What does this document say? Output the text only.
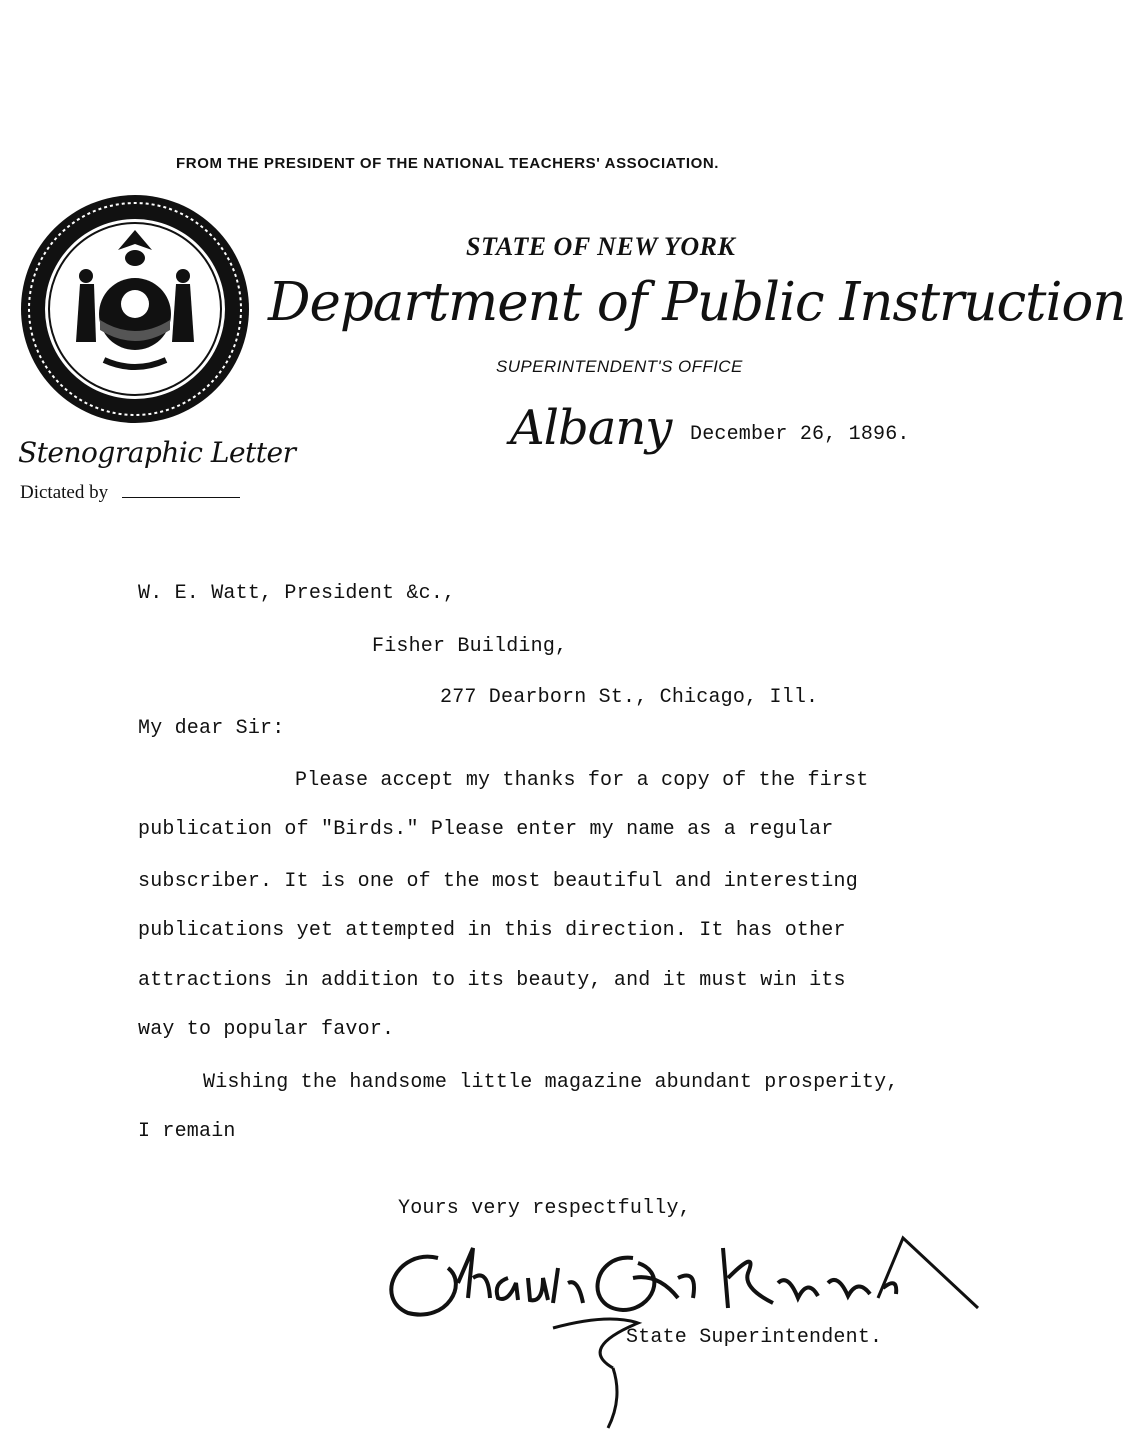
FROM THE PRESIDENT OF THE NATIONAL TEACHERS' ASSOCIATION.
STATE OF NEW YORK
Department of Public Instruction
SUPERINTENDENT'S OFFICE
Albany December 26, 1896.
Stenographic Letter
Dictated by
W. E. Watt, President &c.,
Fisher Building,
277 Dearborn St., Chicago, Ill.
My dear Sir:
Please accept my thanks for a copy of the first
publication of "Birds." Please enter my name as a regular
subscriber. It is one of the most beautiful and interesting
publications yet attempted in this direction. It has other
attractions in addition to its beauty, and it must win its
way to popular favor.
Wishing the handsome little magazine abundant prosperity,
I remain
Yours very respectfully,
State Superintendent.
